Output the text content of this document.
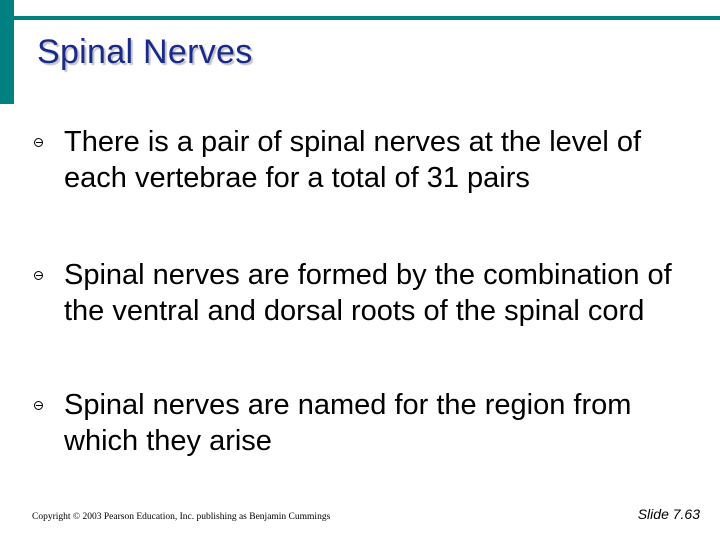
Spinal Nerves
There is a pair of spinal nerves at the level of each vertebrae for a total of 31 pairs
Spinal nerves are formed by the combination of the ventral and dorsal roots of the spinal cord
Spinal nerves are named for the region from which they arise
Copyright © 2003 Pearson Education, Inc. publishing as Benjamin Cummings	Slide 7.63
